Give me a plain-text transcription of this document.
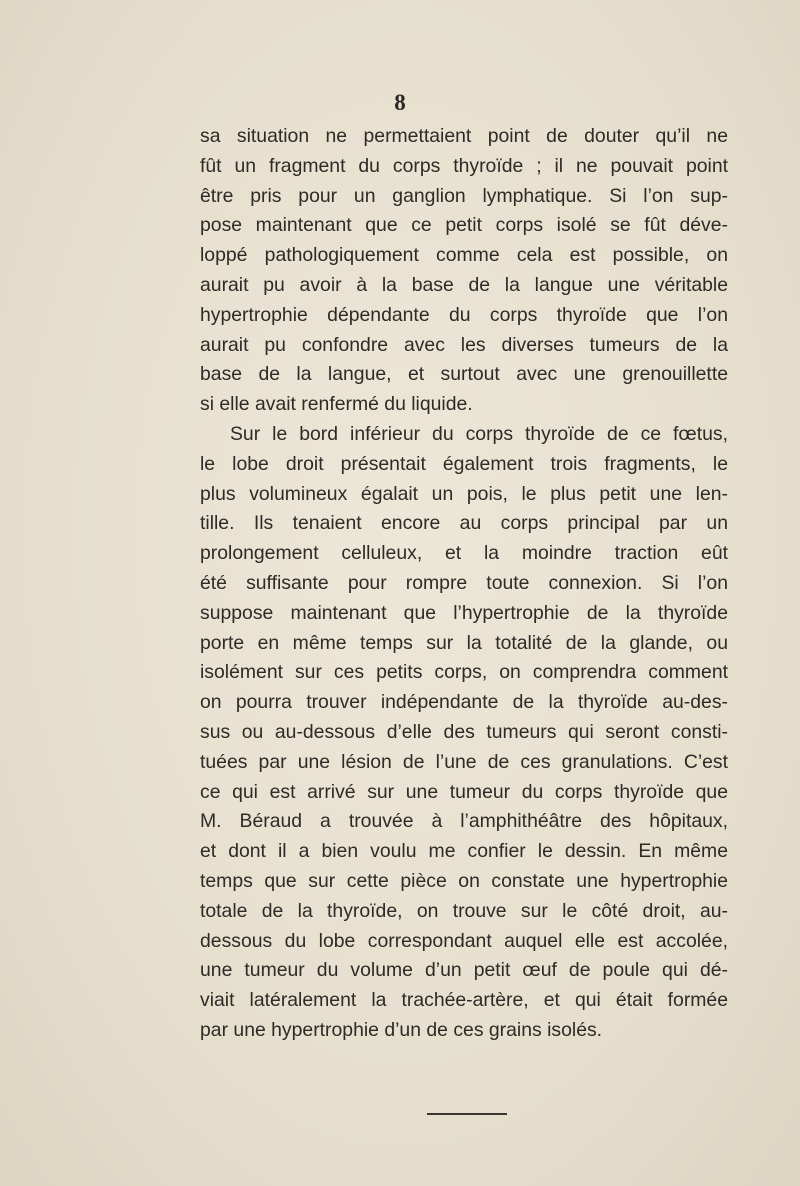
8
sa situation ne permettaient point de douter qu’il ne
fût un fragment du corps thyroïde ; il ne pouvait point
être pris pour un ganglion lymphatique. Si l’on sup-
pose maintenant que ce petit corps isolé se fût déve-
loppé pathologiquement comme cela est possible, on
aurait pu avoir à la base de la langue une véritable
hypertrophie dépendante du corps thyroïde que l’on
aurait pu confondre avec les diverses tumeurs de la
base de la langue, et surtout avec une grenouillette
si elle avait renfermé du liquide.
Sur le bord inférieur du corps thyroïde de ce fœtus,
le lobe droit présentait également trois fragments, le
plus volumineux égalait un pois, le plus petit une len-
tille. Ils tenaient encore au corps principal par un
prolongement celluleux, et la moindre traction eût
été suffisante pour rompre toute connexion. Si l’on
suppose maintenant que l’hypertrophie de la thyroïde
porte en même temps sur la totalité de la glande, ou
isolément sur ces petits corps, on comprendra comment
on pourra trouver indépendante de la thyroïde au-des-
sus ou au-dessous d’elle des tumeurs qui seront consti-
tuées par une lésion de l’une de ces granulations. C’est
ce qui est arrivé sur une tumeur du corps thyroïde que
M. Béraud a trouvée à l’amphithéâtre des hôpitaux,
et dont il a bien voulu me confier le dessin. En même
temps que sur cette pièce on constate une hypertrophie
totale de la thyroïde, on trouve sur le côté droit, au-
dessous du lobe correspondant auquel elle est accolée,
une tumeur du volume d’un petit œuf de poule qui dé-
viait latéralement la trachée-artère, et qui était formée
par une hypertrophie d’un de ces grains isolés.
